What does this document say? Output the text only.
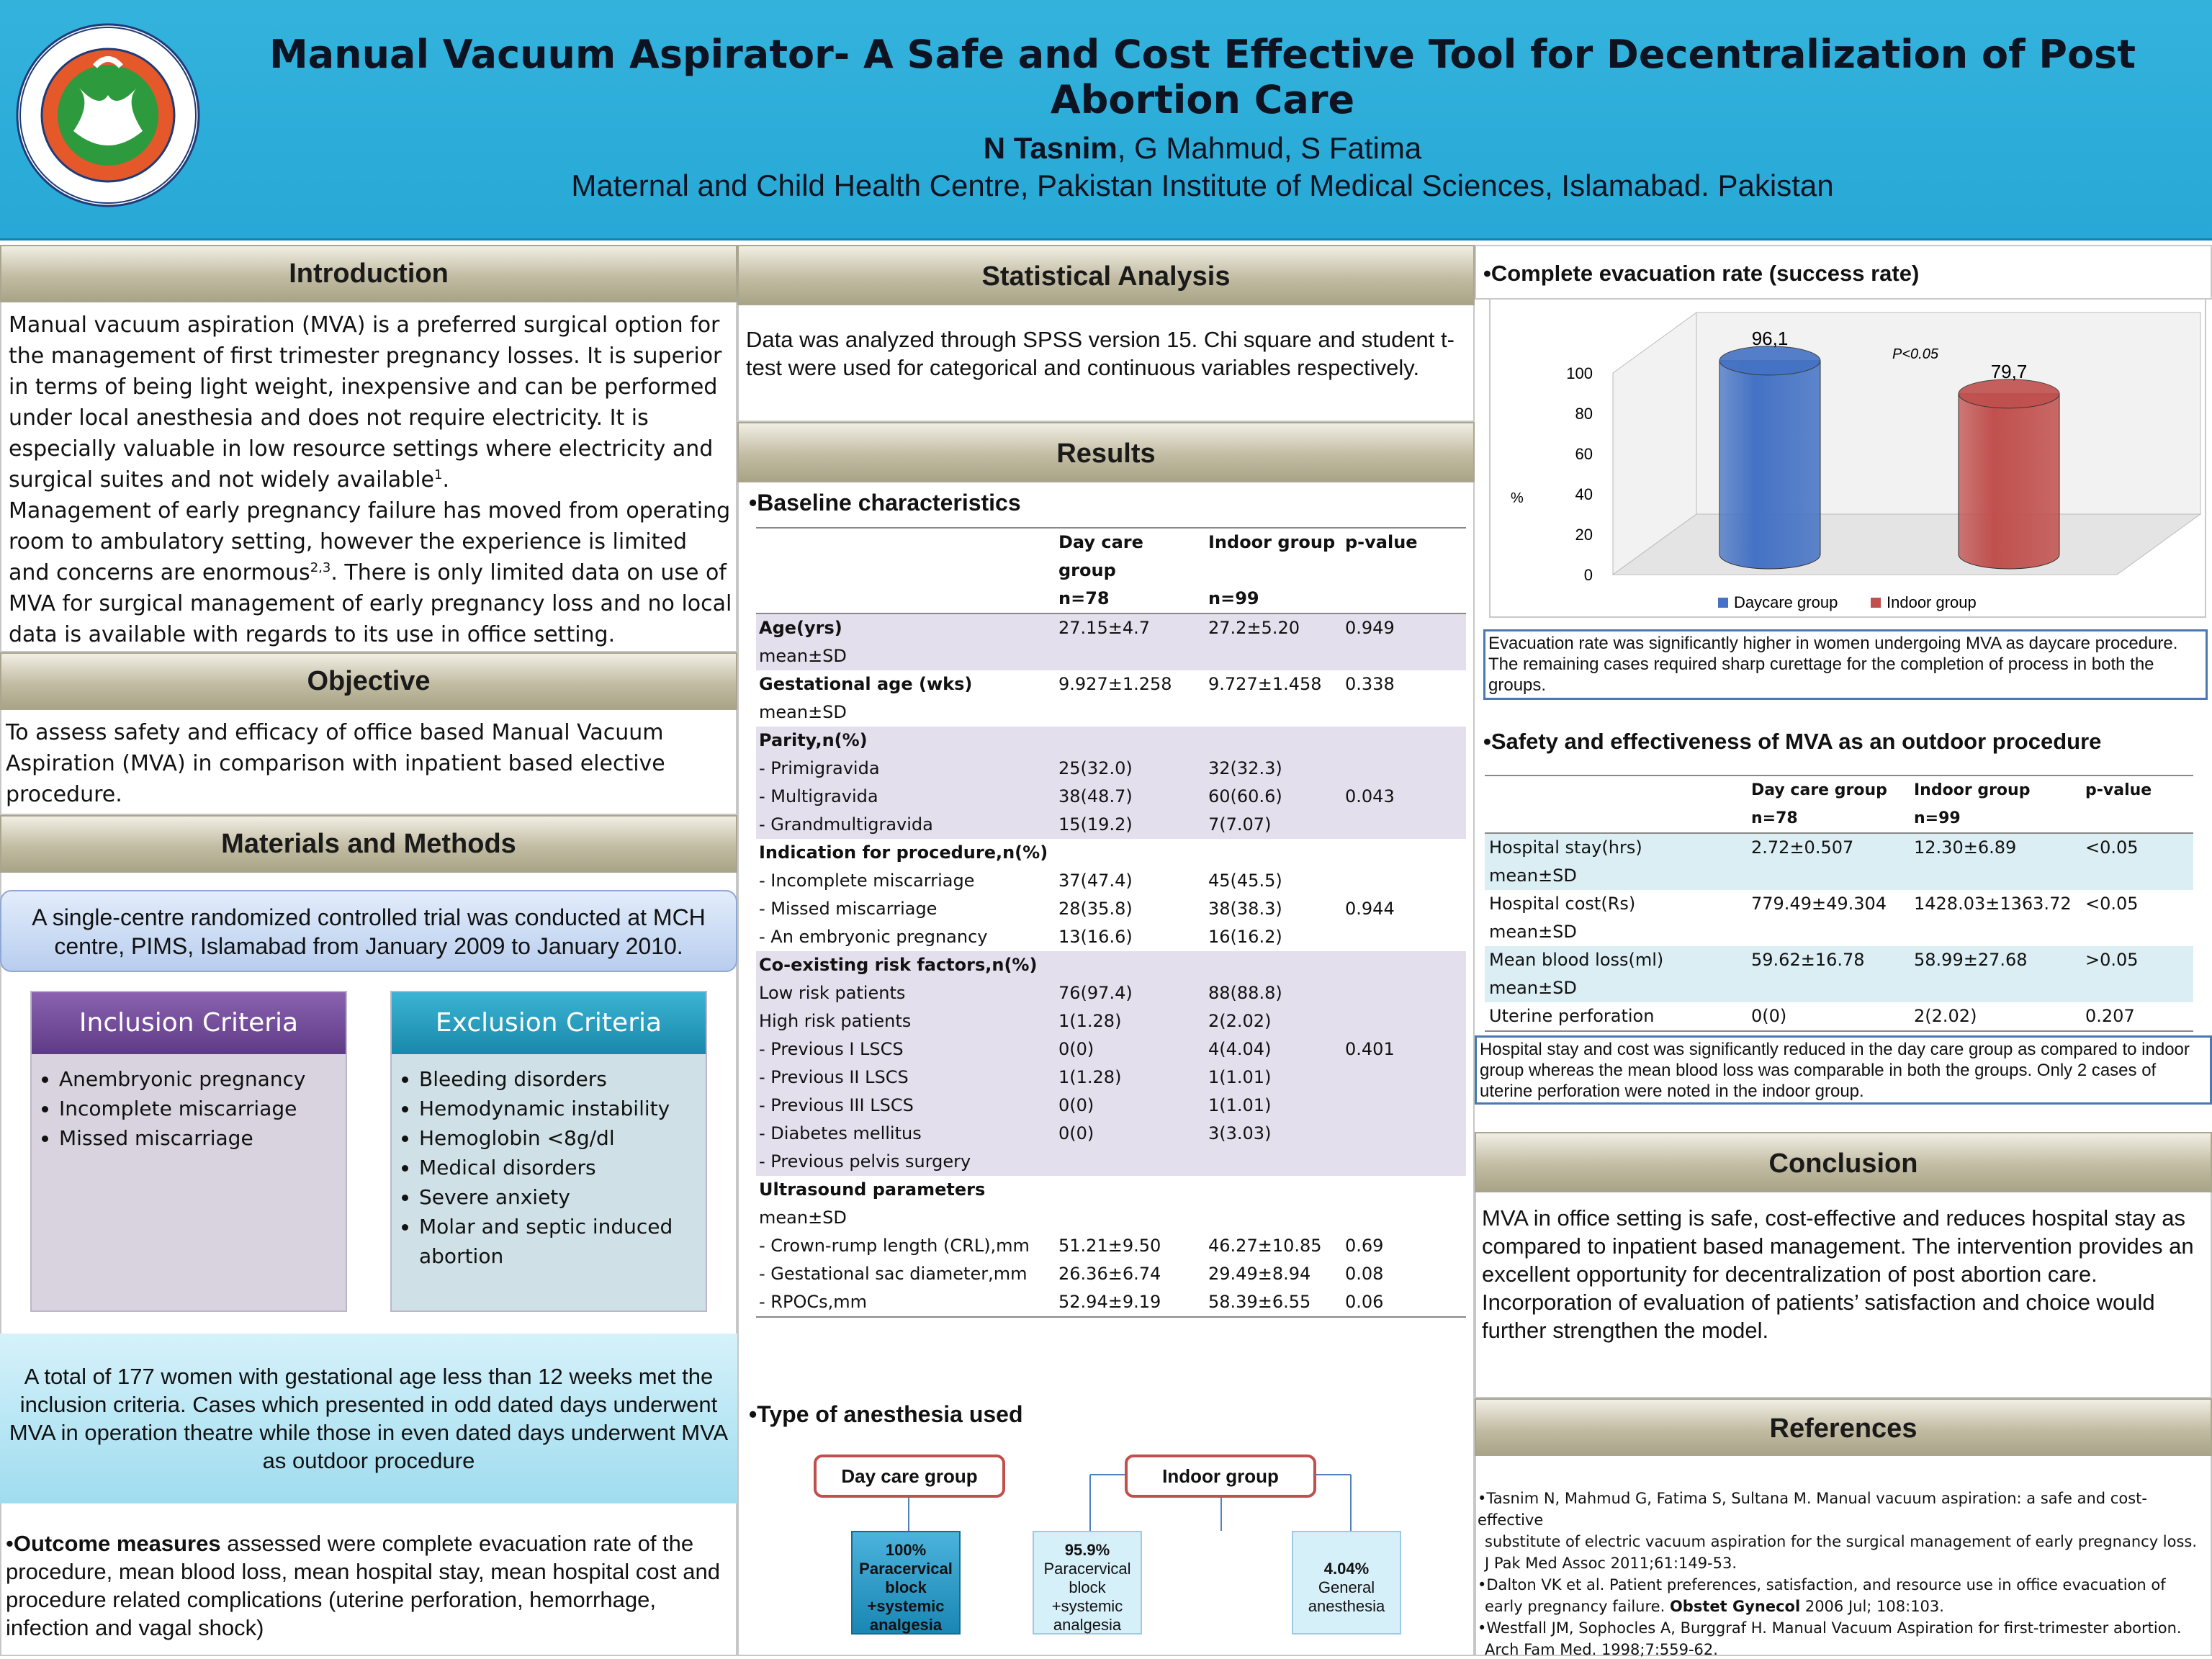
Manual Vacuum Aspirator- A Safe and Cost Effective Tool for Decentralization of Post Abortion Care
N Tasnim, G Mahmud, S Fatima
Maternal and Child Health Centre, Pakistan Institute of Medical Sciences, Islamabad. Pakistan
Introduction
Manual vacuum aspiration (MVA) is a preferred surgical option for the management of first trimester pregnancy losses. It is superior in terms of being light weight, inexpensive and can be performed under local anesthesia and does not require electricity. It is especially valuable in low resource settings where electricity and surgical suites and not widely available$^1$.
Management of early pregnancy failure has moved from operating room to ambulatory setting, however the experience is limited and concerns are enormous$^{2,3}$. There is only limited data on use of MVA for surgical management of early pregnancy loss and no local data is available with regards to its use in office setting.
Objective
To assess safety and efficacy of office based Manual Vacuum Aspiration (MVA) in comparison with inpatient based elective procedure.
Materials and Methods
A single-centre randomized controlled trial was conducted at MCH centre, PIMS, Islamabad from January 2009 to January 2010.
Inclusion Criteria
• Anembryonic pregnancy
• Incomplete miscarriage
• Missed miscarriage
Exclusion Criteria
• Bleeding disorders
• Hemodynamic instability
• Hemoglobin <8g/dl
• Medical disorders
• Severe anxiety
• Molar and septic induced abortion
A total of 177 women with gestational age less than 12 weeks met the inclusion criteria. Cases which presented in odd dated days underwent MVA in operation theatre while those in even dated days underwent MVA as outdoor procedure
•Outcome measures assessed were complete evacuation rate of the procedure, mean blood loss, mean hospital stay, mean hospital cost and procedure related complications (uterine perforation, hemorrhage, infection and vagal shock)
Statistical Analysis
Data was analyzed through SPSS version 15. Chi square and student t-test were used for categorical and continuous variables respectively.
Results
•Baseline characteristics
	Day care group	Indoor group	p-value
	n=78	n=99	
Age(yrs)	27.15±4.7	27.2±5.20	0.949
mean±SD			
Gestational age (wks)	9.927±1.258	9.727±1.458	0.338
mean±SD			
Parity,n(%)			
- Primigravida	25(32.0)	32(32.3)	
- Multigravida	38(48.7)	60(60.6)	0.043
- Grandmultigravida	15(19.2)	7(7.07)	
Indication for procedure,n(%)			
- Incomplete miscarriage	37(47.4)	45(45.5)	
- Missed miscarriage	28(35.8)	38(38.3)	0.944
- An embryonic pregnancy	13(16.6)	16(16.2)	
Co-existing risk factors,n(%)			
Low risk patients	76(97.4)	88(88.8)	
High risk patients	1(1.28)	2(2.02)	
- Previous I LSCS	0(0)	4(4.04)	0.401
- Previous II LSCS	1(1.28)	1(1.01)	
- Previous III LSCS	0(0)	1(1.01)	
- Diabetes mellitus	0(0)	3(3.03)	
- Previous pelvis surgery			
Ultrasound parameters			
mean±SD			
- Crown-rump length (CRL),mm	51.21±9.50	46.27±10.85	0.69
- Gestational sac diameter,mm	26.36±6.74	29.49±8.94	0.08
- RPOCs,mm	52.94±9.19	58.39±6.55	0.06
•Type of anesthesia used
Day care group	Indoor group
100%
Paracervical
block
+systemic
analgesia
95.9%
Paracervical
block
+systemic
analgesia
4.04%
General
anesthesia
•Complete evacuation rate (success rate)
0
20
40
60
80
100
%
96,1
79,7
P<0.05
Daycare group	Indoor group
Evacuation rate was significantly higher in women undergoing MVA as daycare procedure. The remaining cases required sharp curettage for the completion of process in both the groups.
•Safety and effectiveness of MVA as an outdoor procedure
	Day care group	Indoor group	p-value
	n=78	n=99	
Hospital stay(hrs)	2.72±0.507	12.30±6.89	<0.05
mean±SD			
Hospital cost(Rs)	779.49±49.304	1428.03±1363.72	<0.05
mean±SD			
Mean blood loss(ml)	59.62±16.78	58.99±27.68	>0.05
mean±SD			
Uterine perforation	0(0)	2(2.02)	0.207
Hospital stay and cost was significantly reduced in the day care group as compared to indoor group whereas the mean blood loss was comparable in both the groups. Only 2 cases of uterine perforation were noted in the indoor group.
Conclusion
MVA in office setting is safe, cost-effective and reduces hospital stay as compared to inpatient based management. The intervention provides an excellent opportunity for decentralization of post abortion care.
Incorporation of evaluation of patients’ satisfaction and choice would further strengthen the model.
References
•Tasnim N, Mahmud G, Fatima S, Sultana M. Manual vacuum aspiration: a safe and cost-effective
substitute of electric vacuum aspiration for the surgical management of early pregnancy loss.
J Pak Med Assoc 2011;61:149-53.
•Dalton VK et al. Patient preferences, satisfaction, and resource use in office evacuation of
early pregnancy failure. Obstet Gynecol 2006 Jul; 108:103.
•Westfall JM, Sophocles A, Burggraf H. Manual Vacuum Aspiration for first-trimester abortion.
Arch Fam Med. 1998;7:559-62.
